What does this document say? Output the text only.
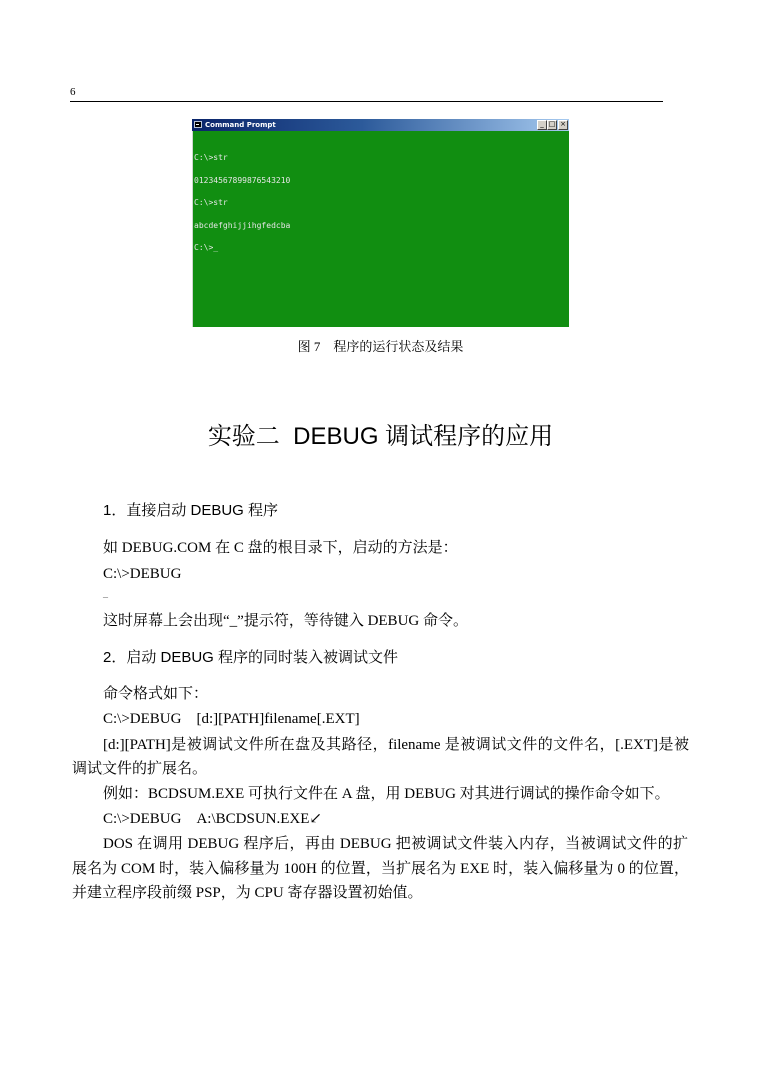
6
Command Prompt	_ □ ×

C:\>str

01234567899876543210

C:\>str

abcdefghijjihgfedcba

C:\>_

图 7　程序的运行状态及结果
实验二  DEBUG 调试程序的应用
1．直接启动 DEBUG 程序
如 DEBUG.COM 在 C 盘的根目录下，启动的方法是：
C:\>DEBUG
_
这时屏幕上会出现“_”提示符，等待键入 DEBUG 命令。
2．启动 DEBUG 程序的同时装入被调试文件
命令格式如下：
C:\>DEBUG　[d:][PATH]filename[.EXT]
[d:][PATH]是被调试文件所在盘及其路径，filename 是被调试文件的文件名，[.EXT]是被
调试文件的扩展名。
例如：BCDSUM.EXE 可执行文件在 A 盘，用 DEBUG 对其进行调试的操作命令如下。
C:\>DEBUG　A:\BCDSUN.EXE↙
DOS 在调用 DEBUG 程序后，再由 DEBUG 把被调试文件装入内存，当被调试文件的扩
展名为 COM 时，装入偏移量为 100H 的位置，当扩展名为 EXE 时，装入偏移量为 0 的位置，
并建立程序段前缀 PSP，为 CPU 寄存器设置初始值。
